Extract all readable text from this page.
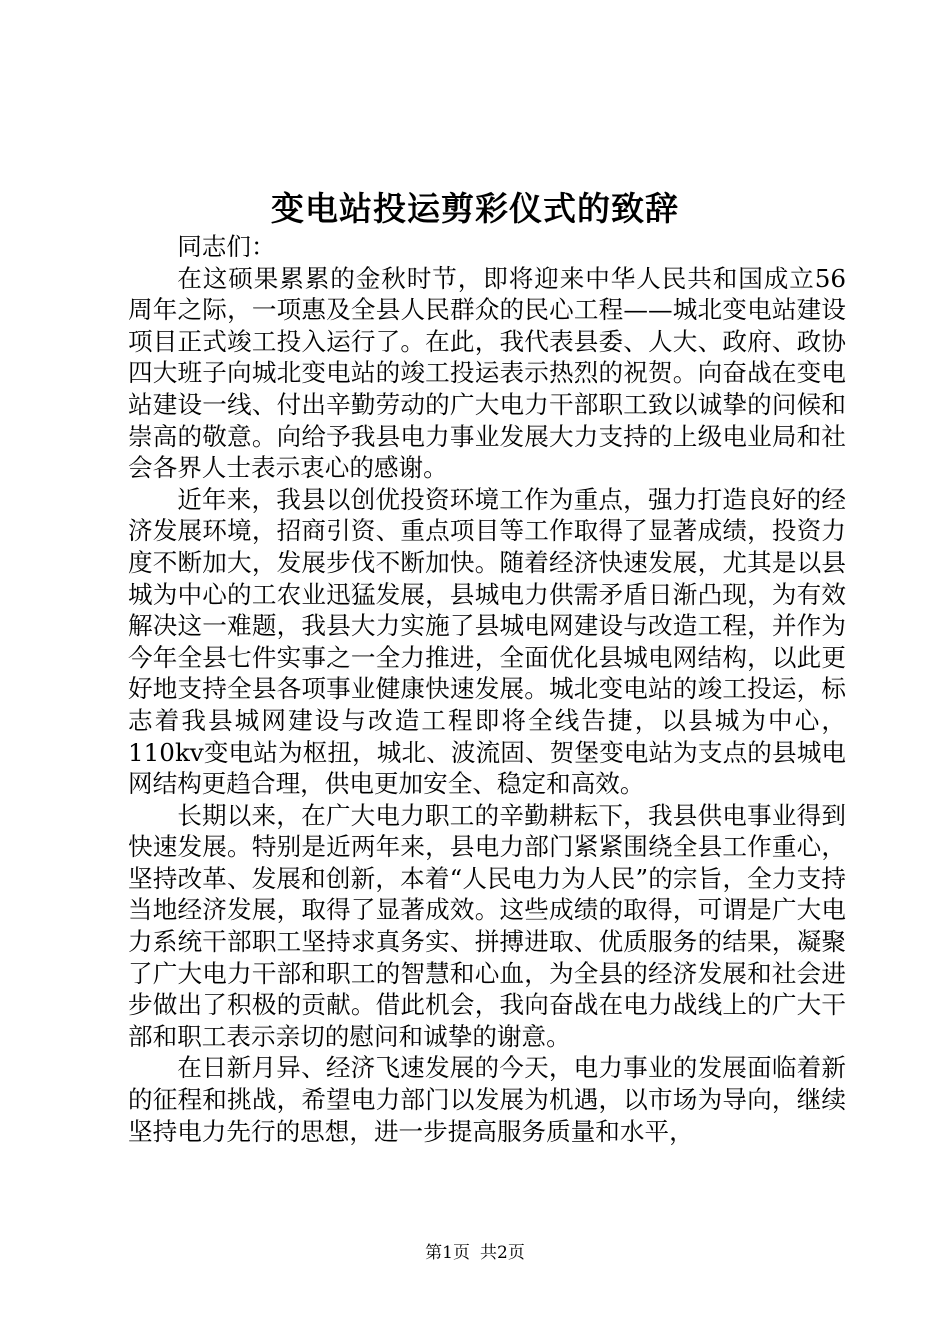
变电站投运剪彩仪式的致辞

同志们：

在这硕果累累的金秋时节，即将迎来中华人民共和国成立56周年之际，一项惠及全县人民群众的民心工程——城北变电站建设项目正式竣工投入运行了。在此，我代表县委、人大、政府、政协四大班子向城北变电站的竣工投运表示热烈的祝贺。向奋战在变电站建设一线、付出辛勤劳动的广大电力干部职工致以诚挚的问候和崇高的敬意。向给予我县电力事业发展大力支持的上级电业局和社会各界人士表示衷心的感谢。

近年来，我县以创优投资环境工作为重点，强力打造良好的经济发展环境，招商引资、重点项目等工作取得了显著成绩，投资力度不断加大，发展步伐不断加快。随着经济快速发展，尤其是以县城为中心的工农业迅猛发展，县城电力供需矛盾日渐凸现，为有效解决这一难题，我县大力实施了县城电网建设与改造工程，并作为今年全县七件实事之一全力推进，全面优化县城电网结构，以此更好地支持全县各项事业健康快速发展。城北变电站的竣工投运，标志着我县城网建设与改造工程即将全线告捷，以县城为中心，110kv变电站为枢扭，城北、波流固、贺堡变电站为支点的县城电网结构更趋合理，供电更加安全、稳定和高效。

长期以来，在广大电力职工的辛勤耕耘下，我县供电事业得到快速发展。特别是近两年来，县电力部门紧紧围绕全县工作重心，坚持改革、发展和创新，本着“人民电力为人民”的宗旨，全力支持当地经济发展，取得了显著成效。这些成绩的取得，可谓是广大电力系统干部职工坚持求真务实、拼搏进取、优质服务的结果，凝聚了广大电力干部和职工的智慧和心血，为全县的经济发展和社会进步做出了积极的贡献。借此机会，我向奋战在电力战线上的广大干部和职工表示亲切的慰问和诚挚的谢意。

在日新月异、经济飞速发展的今天，电力事业的发展面临着新的征程和挑战，希望电力部门以发展为机遇，以市场为导向，继续坚持电力先行的思想，进一步提高服务质量和水平，

第1页 共2页
